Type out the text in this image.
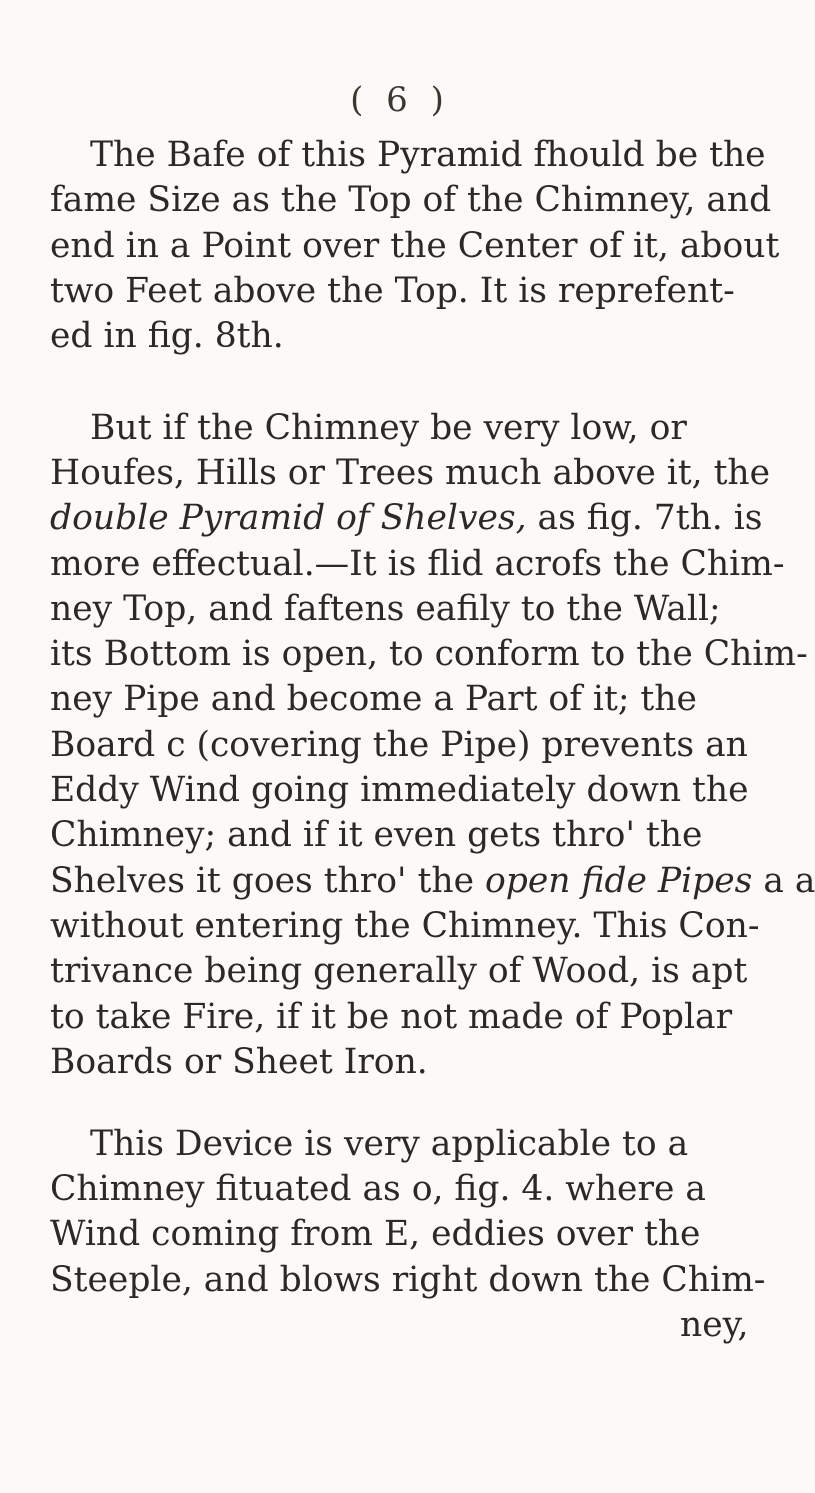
( 6 )
The Bafe of this Pyramid fhould be the
fame Size as the Top of the Chimney, and
end in a Point over the Center of it, about
two Feet above the Top. It is reprefent-
ed in fig. 8th.
But if the Chimney be very low, or
Houfes, Hills or Trees much above it, the
double Pyramid of Shelves, as fig. 7th. is
more effectual.—It is flid acrofs the Chim-
ney Top, and faftens eafily to the Wall;
its Bottom is open, to conform to the Chim-
ney Pipe and become a Part of it; the
Board c (covering the Pipe) prevents an
Eddy Wind going immediately down the
Chimney; and if it even gets thro' the
Shelves it goes thro' the open fide Pipes a a
without entering the Chimney. This Con-
trivance being generally of Wood, is apt
to take Fire, if it be not made of Poplar
Boards or Sheet Iron.
This Device is very applicable to a
Chimney fituated as o, fig. 4. where a
Wind coming from E, eddies over the
Steeple, and blows right down the Chim-
ney,
